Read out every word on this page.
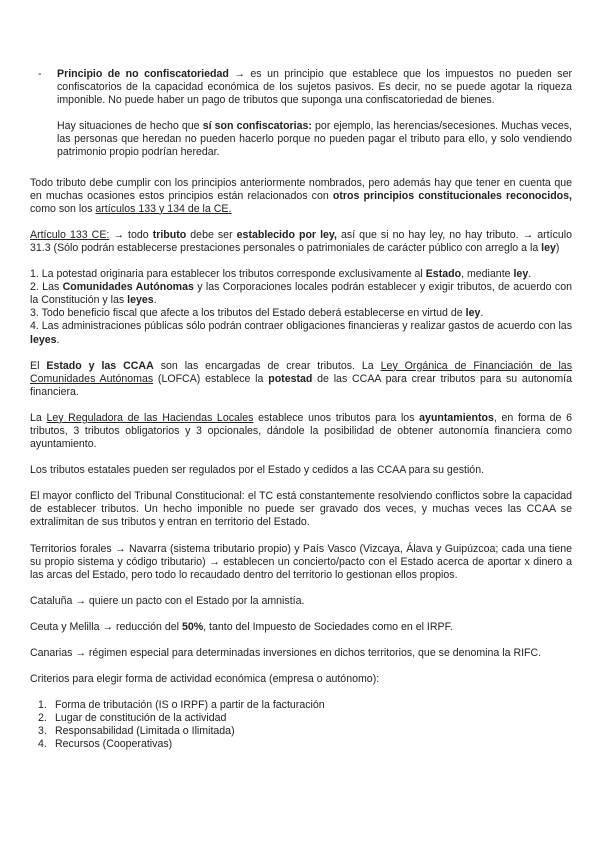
- Principio de no confiscatoriedad → es un principio que establece que los impuestos no pueden ser confiscatorios de la capacidad económica de los sujetos pasivos. Es decir, no se puede agotar la riqueza imponible. No puede haber un pago de tributos que suponga una confiscatoriedad de bienes.

Hay situaciones de hecho que sí son confiscatorias: por ejemplo, las herencias/secesiones. Muchas veces, las personas que heredan no pueden hacerlo porque no pueden pagar el tributo para ello, y solo vendiendo patrimonio propio podrían heredar.

Todo tributo debe cumplir con los principios anteriormente nombrados, pero además hay que tener en cuenta que en muchas ocasiones estos principios están relacionados con otros principios constitucionales reconocidos, como son los artículos 133 y 134 de la CE.

Artículo 133 CE: → todo tributo debe ser establecido por ley, así que si no hay ley, no hay tributo. → artículo 31.3 (Sólo podrán establecerse prestaciones personales o patrimoniales de carácter público con arreglo a la ley)

1. La potestad originaria para establecer los tributos corresponde exclusivamente al Estado, mediante ley.

2. Las Comunidades Autónomas y las Corporaciones locales podrán establecer y exigir tributos, de acuerdo con la Constitución y las leyes.

3. Todo beneficio fiscal que afecte a los tributos del Estado deberá establecerse en virtud de ley.

4. Las administraciones públicas sólo podrán contraer obligaciones financieras y realizar gastos de acuerdo con las leyes.

El Estado y las CCAA son las encargadas de crear tributos. La Ley Orgánica de Financiación de las Comunidades Autónomas (LOFCA) establece la potestad de las CCAA para crear tributos para su autonomía financiera.

La Ley Reguladora de las Haciendas Locales establece unos tributos para los ayuntamientos, en forma de 6 tributos, 3 tributos obligatorios y 3 opcionales, dándole la posibilidad de obtener autonomía financiera como ayuntamiento.

Los tributos estatales pueden ser regulados por el Estado y cedidos a las CCAA para su gestión.

El mayor conflicto del Tribunal Constitucional: el TC está constantemente resolviendo conflictos sobre la capacidad de establecer tributos. Un hecho imponible no puede ser gravado dos veces, y muchas veces las CCAA se extralimitan de sus tributos y entran en territorio del Estado.

Territorios forales → Navarra (sistema tributario propio) y País Vasco (Vizcaya, Álava y Guipúzcoa; cada una tiene su propio sistema y código tributario) → establecen un concierto/pacto con el Estado acerca de aportar x dinero a las arcas del Estado, pero todo lo recaudado dentro del territorio lo gestionan ellos propios.

Cataluña → quiere un pacto con el Estado por la amnistía.

Ceuta y Melilla → reducción del 50%, tanto del Impuesto de Sociedades como en el IRPF.

Canarias → régimen especial para determinadas inversiones en dichos territorios, que se denomina la RIFC.

Criterios para elegir forma de actividad económica (empresa o autónomo):

1. Forma de tributación (IS o IRPF) a partir de la facturación
2. Lugar de constitución de la actividad
3. Responsabilidad (Limitada o Ilimitada)
4. Recursos (Cooperativas)
